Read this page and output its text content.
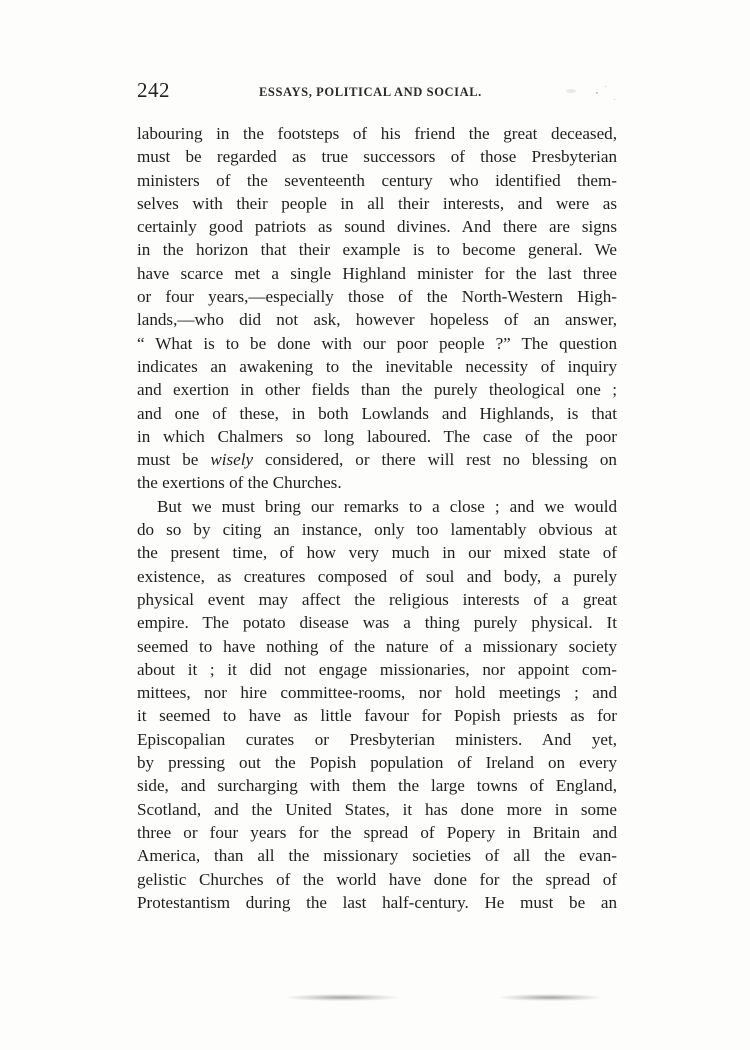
242	ESSAYS, POLITICAL AND SOCIAL.
labouring in the footsteps of his friend the great deceased,
must be regarded as true successors of those Presbyterian
ministers of the seventeenth century who identified them-
selves with their people in all their interests, and were as
certainly good patriots as sound divines. And there are signs
in the horizon that their example is to become general. We
have scarce met a single Highland minister for the last three
or four years,—especially those of the North-Western High-
lands,—who did not ask, however hopeless of an answer,
“ What is to be done with our poor people ?” The question
indicates an awakening to the inevitable necessity of inquiry
and exertion in other fields than the purely theological one ;
and one of these, in both Lowlands and Highlands, is that
in which Chalmers so long laboured. The case of the poor
must be wisely considered, or there will rest no blessing on
the exertions of the Churches.
But we must bring our remarks to a close ; and we would
do so by citing an instance, only too lamentably obvious at
the present time, of how very much in our mixed state of
existence, as creatures composed of soul and body, a purely
physical event may affect the religious interests of a great
empire. The potato disease was a thing purely physical. It
seemed to have nothing of the nature of a missionary society
about it ; it did not engage missionaries, nor appoint com-
mittees, nor hire committee-rooms, nor hold meetings ; and
it seemed to have as little favour for Popish priests as for
Episcopalian curates or Presbyterian ministers. And yet,
by pressing out the Popish population of Ireland on every
side, and surcharging with them the large towns of England,
Scotland, and the United States, it has done more in some
three or four years for the spread of Popery in Britain and
America, than all the missionary societies of all the evan-
gelistic Churches of the world have done for the spread of
Protestantism during the last half-century. He must be an
